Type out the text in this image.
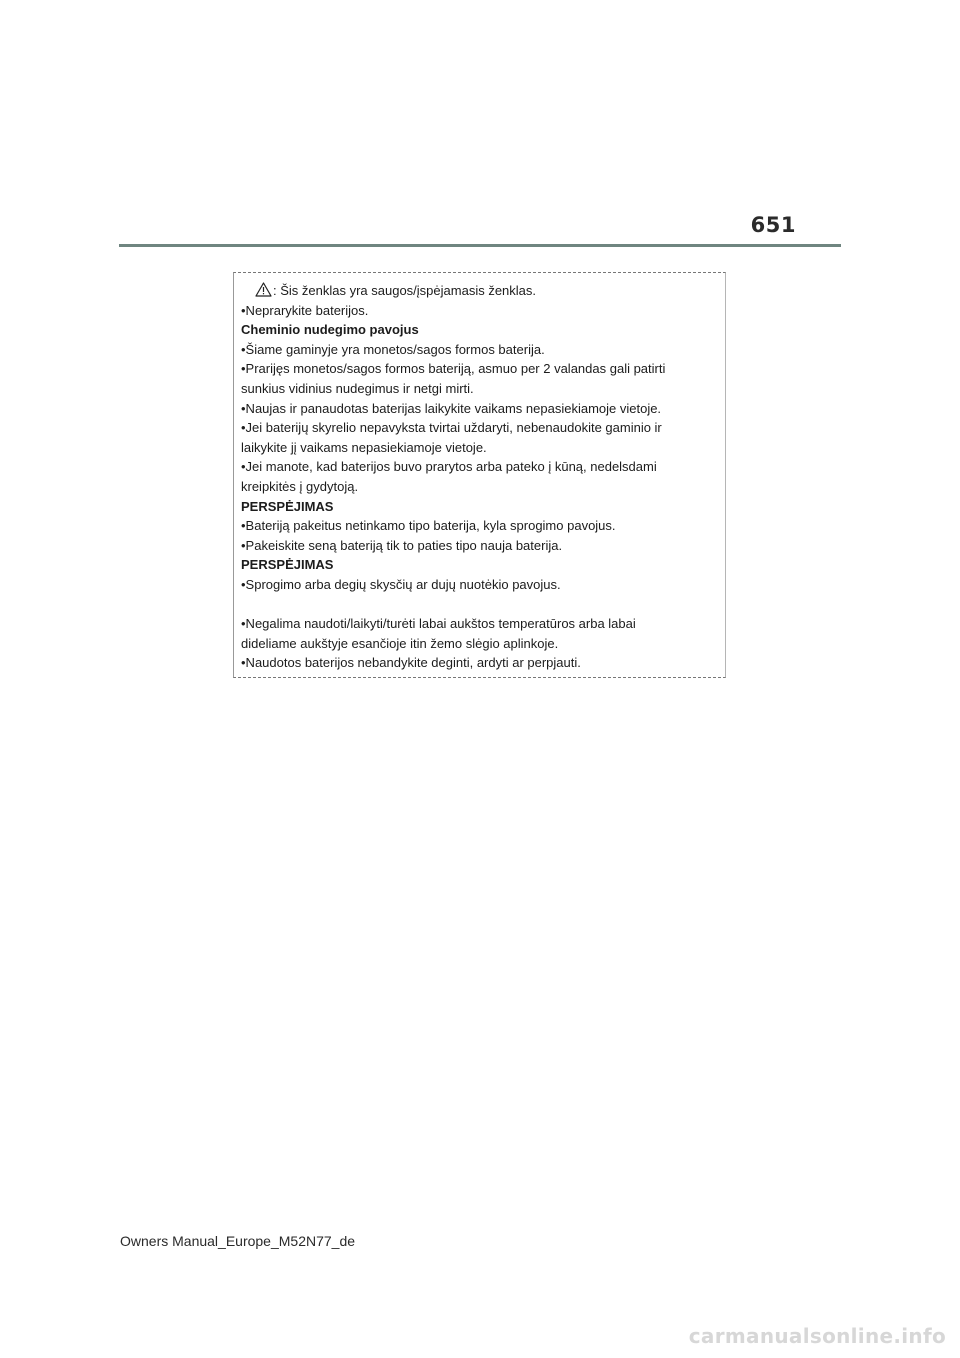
651
: Šis ženklas yra saugos/įspėjamasis ženklas.
•Neprarykite baterijos.
Cheminio nudegimo pavojus
•Šiame gaminyje yra monetos/sagos formos baterija.
•Prarijęs monetos/sagos formos bateriją, asmuo per 2 valandas gali patirti
sunkius vidinius nudegimus ir netgi mirti.
•Naujas ir panaudotas baterijas laikykite vaikams nepasiekiamoje vietoje.
•Jei baterijų skyrelio nepavyksta tvirtai uždaryti, nebenaudokite gaminio ir
laikykite jį vaikams nepasiekiamoje vietoje.
•Jei manote, kad baterijos buvo prarytos arba pateko į kūną, nedelsdami
kreipkitės į gydytoją.
PERSPĖJIMAS
•Bateriją pakeitus netinkamo tipo baterija, kyla sprogimo pavojus.
•Pakeiskite seną bateriją tik to paties tipo nauja baterija.
PERSPĖJIMAS
•Sprogimo arba degių skysčių ar dujų nuotėkio pavojus.
•Negalima naudoti/laikyti/turėti labai aukštos temperatūros arba labai
dideliame aukštyje esančioje itin žemo slėgio aplinkoje.
•Naudotos baterijos nebandykite deginti, ardyti ar perpjauti.
Owners Manual_Europe_M52N77_de
carmanualsonline.info
